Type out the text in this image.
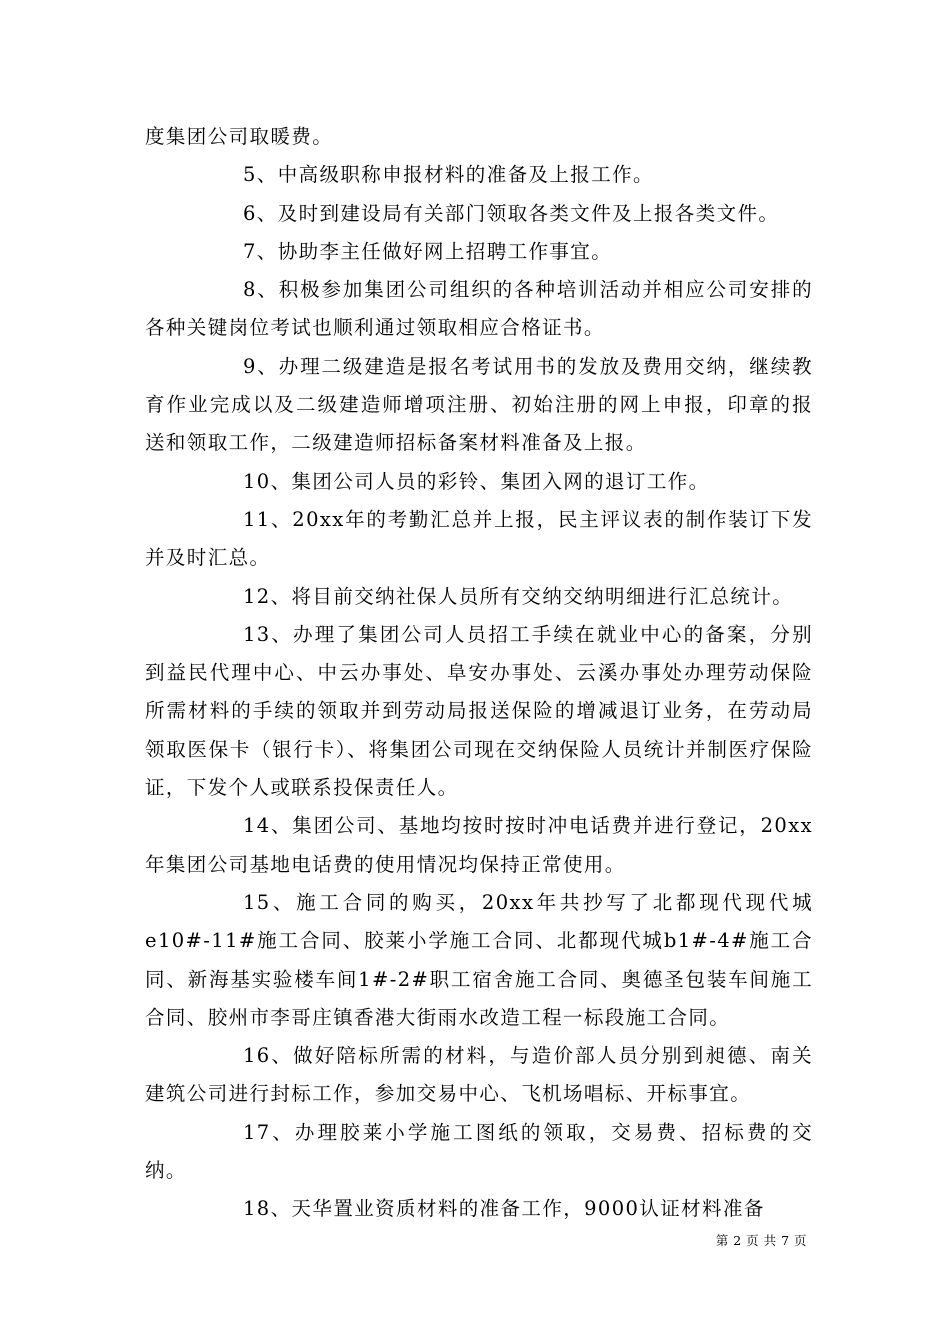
度集团公司取暖费。

5、中高级职称申报材料的准备及上报工作。

6、及时到建设局有关部门领取各类文件及上报各类文件。

7、协助李主任做好网上招聘工作事宜。

8、积极参加集团公司组织的各种培训活动并相应公司安排的各种关键岗位考试也顺利通过领取相应合格证书。

9、办理二级建造是报名考试用书的发放及费用交纳，继续教育作业完成以及二级建造师增项注册、初始注册的网上申报，印章的报送和领取工作，二级建造师招标备案材料准备及上报。

10、集团公司人员的彩铃、集团入网的退订工作。

11、20xx年的考勤汇总并上报，民主评议表的制作装订下发并及时汇总。

12、将目前交纳社保人员所有交纳交纳明细进行汇总统计。

13、办理了集团公司人员招工手续在就业中心的备案，分别到益民代理中心、中云办事处、阜安办事处、云溪办事处办理劳动保险所需材料的手续的领取并到劳动局报送保险的增减退订业务，在劳动局领取医保卡（银行卡）、将集团公司现在交纳保险人员统计并制医疗保险证，下发个人或联系投保责任人。

14、集团公司、基地均按时按时冲电话费并进行登记，20xx年集团公司基地电话费的使用情况均保持正常使用。

15、施工合同的购买，20xx年共抄写了北都现代现代城e10#-11#施工合同、胶莱小学施工合同、北都现代城b1#-4#施工合同、新海基实验楼车间1#-2#职工宿舍施工合同、奥德圣包装车间施工合同、胶州市李哥庄镇香港大街雨水改造工程一标段施工合同。

16、做好陪标所需的材料，与造价部人员分别到昶德、南关建筑公司进行封标工作，参加交易中心、飞机场唱标、开标事宜。

17、办理胶莱小学施工图纸的领取，交易费、招标费的交纳。

18、天华置业资质材料的准备工作，9000认证材料准备

第 2 页 共 7 页
